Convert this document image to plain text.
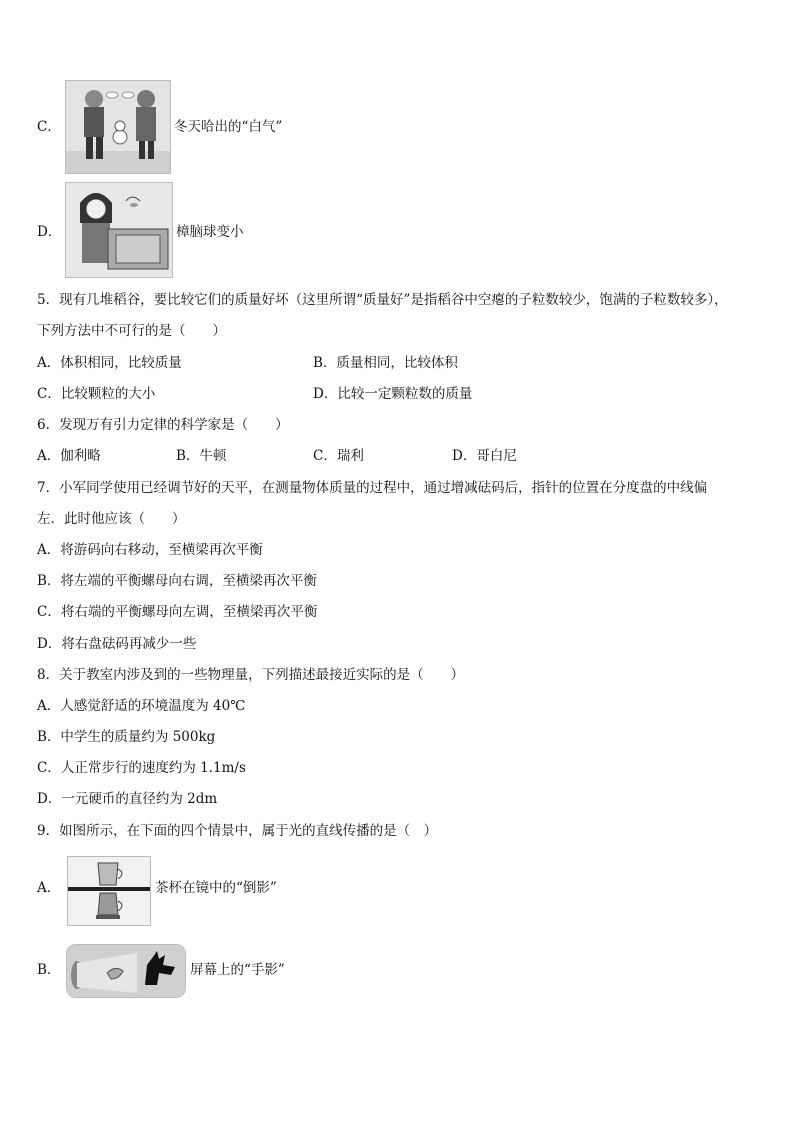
C．	冬天哈出的“白气”
D．	樟脑球变小
5．现有几堆稻谷，要比较它们的质量好坏（这里所谓“质量好”是指稻谷中空瘪的子粒数较少，饱满的子粒数较多），
下列方法中不可行的是（　　）
A．体积相同，比较质量	B．质量相同，比较体积
C．比较颗粒的大小	D．比较一定颗粒数的质量
6．发现万有引力定律的科学家是（　　）
A．伽利略	B．牛顿	C．瑞利	D．哥白尼
7．小军同学使用已经调节好的天平，在测量物体质量的过程中，通过增减砝码后，指针的位置在分度盘的中线偏
左．此时他应该（　　）
A．将游码向右移动，至横梁再次平衡
B．将左端的平衡螺母向右调，至横梁再次平衡
C．将右端的平衡螺母向左调，至横梁再次平衡
D．将右盘砝码再减少一些
8．关于教室内涉及到的一些物理量，下列描述最接近实际的是（　　）
A．人感觉舒适的环境温度为 40℃
B．中学生的质量约为 500kg
C．人正常步行的速度约为 1.1m/s
D．一元硬币的直径约为 2dm
9．如图所示，在下面的四个情景中，属于光的直线传播的是（　）
A．	茶杯在镜中的“倒影”
B．	屏幕上的“手影”
